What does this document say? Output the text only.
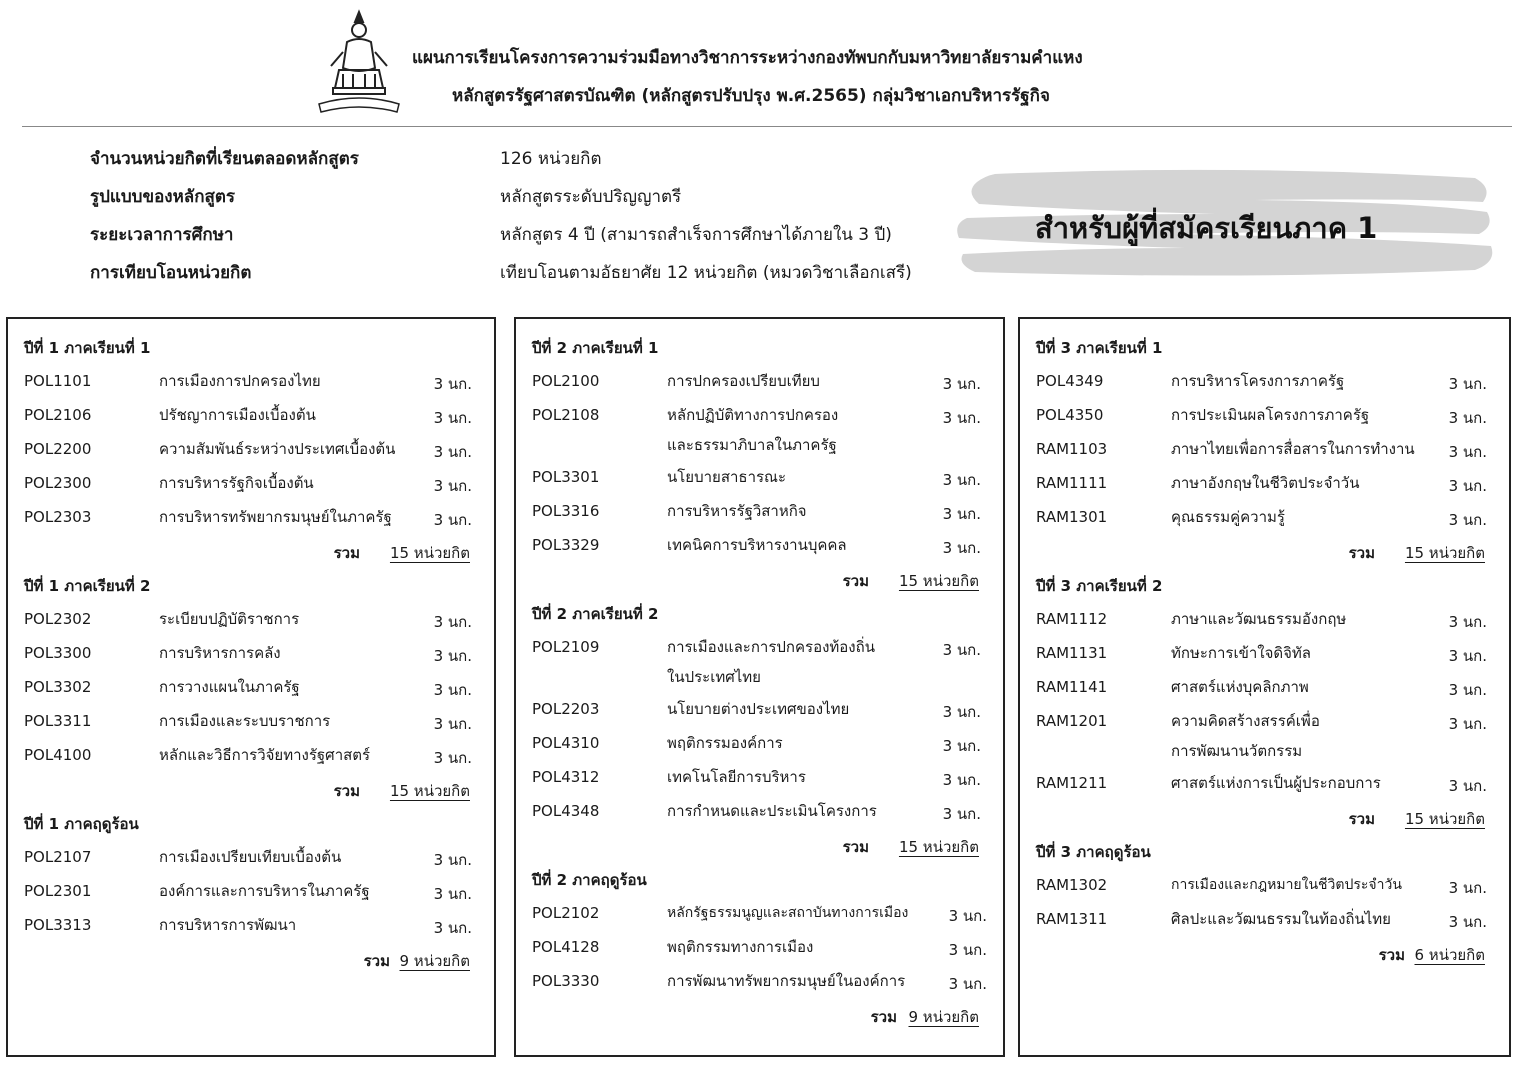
แผนการเรียนโครงการความร่วมมือทางวิชาการระหว่างกองทัพบกกับมหาวิทยาลัยรามคำแหง
หลักสูตรรัฐศาสตรบัณฑิต (หลักสูตรปรับปรุง พ.ศ.2565) กลุ่มวิชาเอกบริหารรัฐกิจ
จำนวนหน่วยกิตที่เรียนตลอดหลักสูตร	126 หน่วยกิต
รูปแบบของหลักสูตร	หลักสูตรระดับปริญญาตรี
ระยะเวลาการศึกษา	หลักสูตร 4 ปี (สามารถสำเร็จการศึกษาได้ภายใน 3 ปี)
การเทียบโอนหน่วยกิต	เทียบโอนตามอัธยาศัย 12 หน่วยกิต (หมวดวิชาเลือกเสรี)
สำหรับผู้ที่สมัครเรียนภาค 1
ปีที่ 1 ภาคเรียนที่ 1
POL1101	การเมืองการปกครองไทย	3 นก.
POL2106	ปรัชญาการเมืองเบื้องต้น	3 นก.
POL2200	ความสัมพันธ์ระหว่างประเทศเบื้องต้น	3 นก.
POL2300	การบริหารรัฐกิจเบื้องต้น	3 นก.
POL2303	การบริหารทรัพยากรมนุษย์ในภาครัฐ	3 นก.
รวม 15 หน่วยกิต
ปีที่ 1 ภาคเรียนที่ 2
POL2302	ระเบียบปฏิบัติราชการ	3 นก.
POL3300	การบริหารการคลัง	3 นก.
POL3302	การวางแผนในภาครัฐ	3 นก.
POL3311	การเมืองและระบบราชการ	3 นก.
POL4100	หลักและวิธีการวิจัยทางรัฐศาสตร์	3 นก.
รวม 15 หน่วยกิต
ปีที่ 1 ภาคฤดูร้อน
POL2107	การเมืองเปรียบเทียบเบื้องต้น	3 นก.
POL2301	องค์การและการบริหารในภาครัฐ	3 นก.
POL3313	การบริหารการพัฒนา	3 นก.
รวม 9 หน่วยกิต
ปีที่ 2 ภาคเรียนที่ 1
POL2100	การปกครองเปรียบเทียบ	3 นก.
POL2108	หลักปฏิบัติทางการปกครอง
และธรรมาภิบาลในภาครัฐ
3 นก.
POL3301	นโยบายสาธารณะ	3 นก.
POL3316	การบริหารรัฐวิสาหกิจ	3 นก.
POL3329	เทคนิคการบริหารงานบุคคล	3 นก.
รวม 15 หน่วยกิต
ปีที่ 2 ภาคเรียนที่ 2
POL2109	การเมืองและการปกครองท้องถิ่น
ในประเทศไทย
3 นก.
POL2203	นโยบายต่างประเทศของไทย	3 นก.
POL4310	พฤติกรรมองค์การ	3 นก.
POL4312	เทคโนโลยีการบริหาร	3 นก.
POL4348	การกำหนดและประเมินโครงการ	3 นก.
รวม 15 หน่วยกิต
ปีที่ 2 ภาคฤดูร้อน
POL2102	หลักรัฐธรรมนูญและสถาบันทางการเมือง	3 นก.
POL4128	พฤติกรรมทางการเมือง	3 นก.
POL3330	การพัฒนาทรัพยากรมนุษย์ในองค์การ	3 นก.
รวม 9 หน่วยกิต
ปีที่ 3 ภาคเรียนที่ 1
POL4349	การบริหารโครงการภาครัฐ	3 นก.
POL4350	การประเมินผลโครงการภาครัฐ	3 นก.
RAM1103	ภาษาไทยเพื่อการสื่อสารในการทำงาน 3 นก.
RAM1111	ภาษาอังกฤษในชีวิตประจำวัน	3 นก.
RAM1301	คุณธรรมคู่ความรู้	3 นก.
รวม 15 หน่วยกิต
ปีที่ 3 ภาคเรียนที่ 2
RAM1112	ภาษาและวัฒนธรรมอังกฤษ	3 นก.
RAM1131	ทักษะการเข้าใจดิจิทัล	3 นก.
RAM1141	ศาสตร์แห่งบุคลิกภาพ	3 นก.
RAM1201	ความคิดสร้างสรรค์เพื่อ
การพัฒนานวัตกรรม
3 นก.
RAM1211	ศาสตร์แห่งการเป็นผู้ประกอบการ	3 นก.
รวม 15 หน่วยกิต
ปีที่ 3 ภาคฤดูร้อน
RAM1302	การเมืองและกฎหมายในชีวิตประจำวัน	3 นก.
RAM1311	ศิลปะและวัฒนธรรมในท้องถิ่นไทย	3 นก.
รวม 6 หน่วยกิต
